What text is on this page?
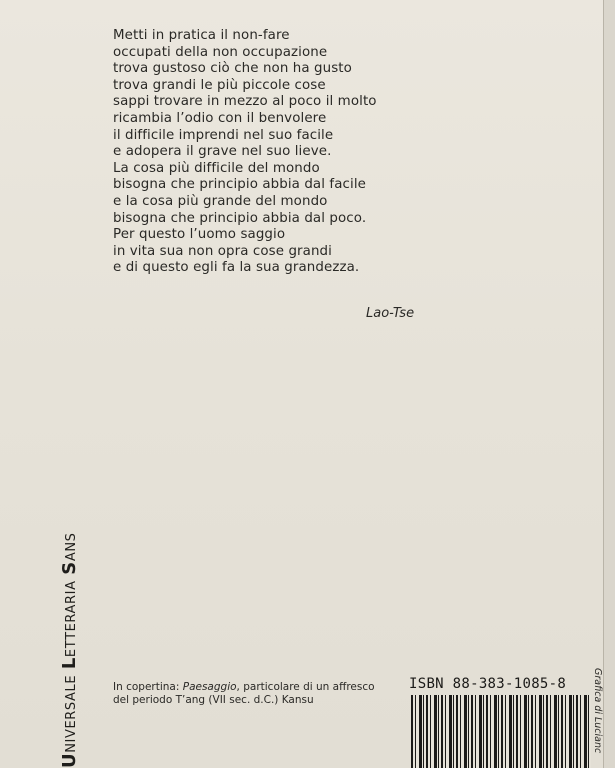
Metti in pratica il non-fare
occupati della non occupazione
trova gustoso ciò che non ha gusto
trova grandi le più piccole cose
sappi trovare in mezzo al poco il molto
ricambia l’odio con il benvolere
il difficile imprendi nel suo facile
e adopera il grave nel suo lieve.
La cosa più difficile del mondo
bisogna che principio abbia dal facile
e la cosa più grande del mondo
bisogna che principio abbia dal poco.
Per questo l’uomo saggio
in vita sua non opra cose grandi
e di questo egli fa la sua grandezza.
Lao-Tse
UNIVERSALE LETTERARIA SANS
In copertina: Paesaggio, particolare di un affresco
del periodo T’ang (VII sec. d.C.) Kansu
ISBN 88-383-1085-8	Grafica di Lucianc
